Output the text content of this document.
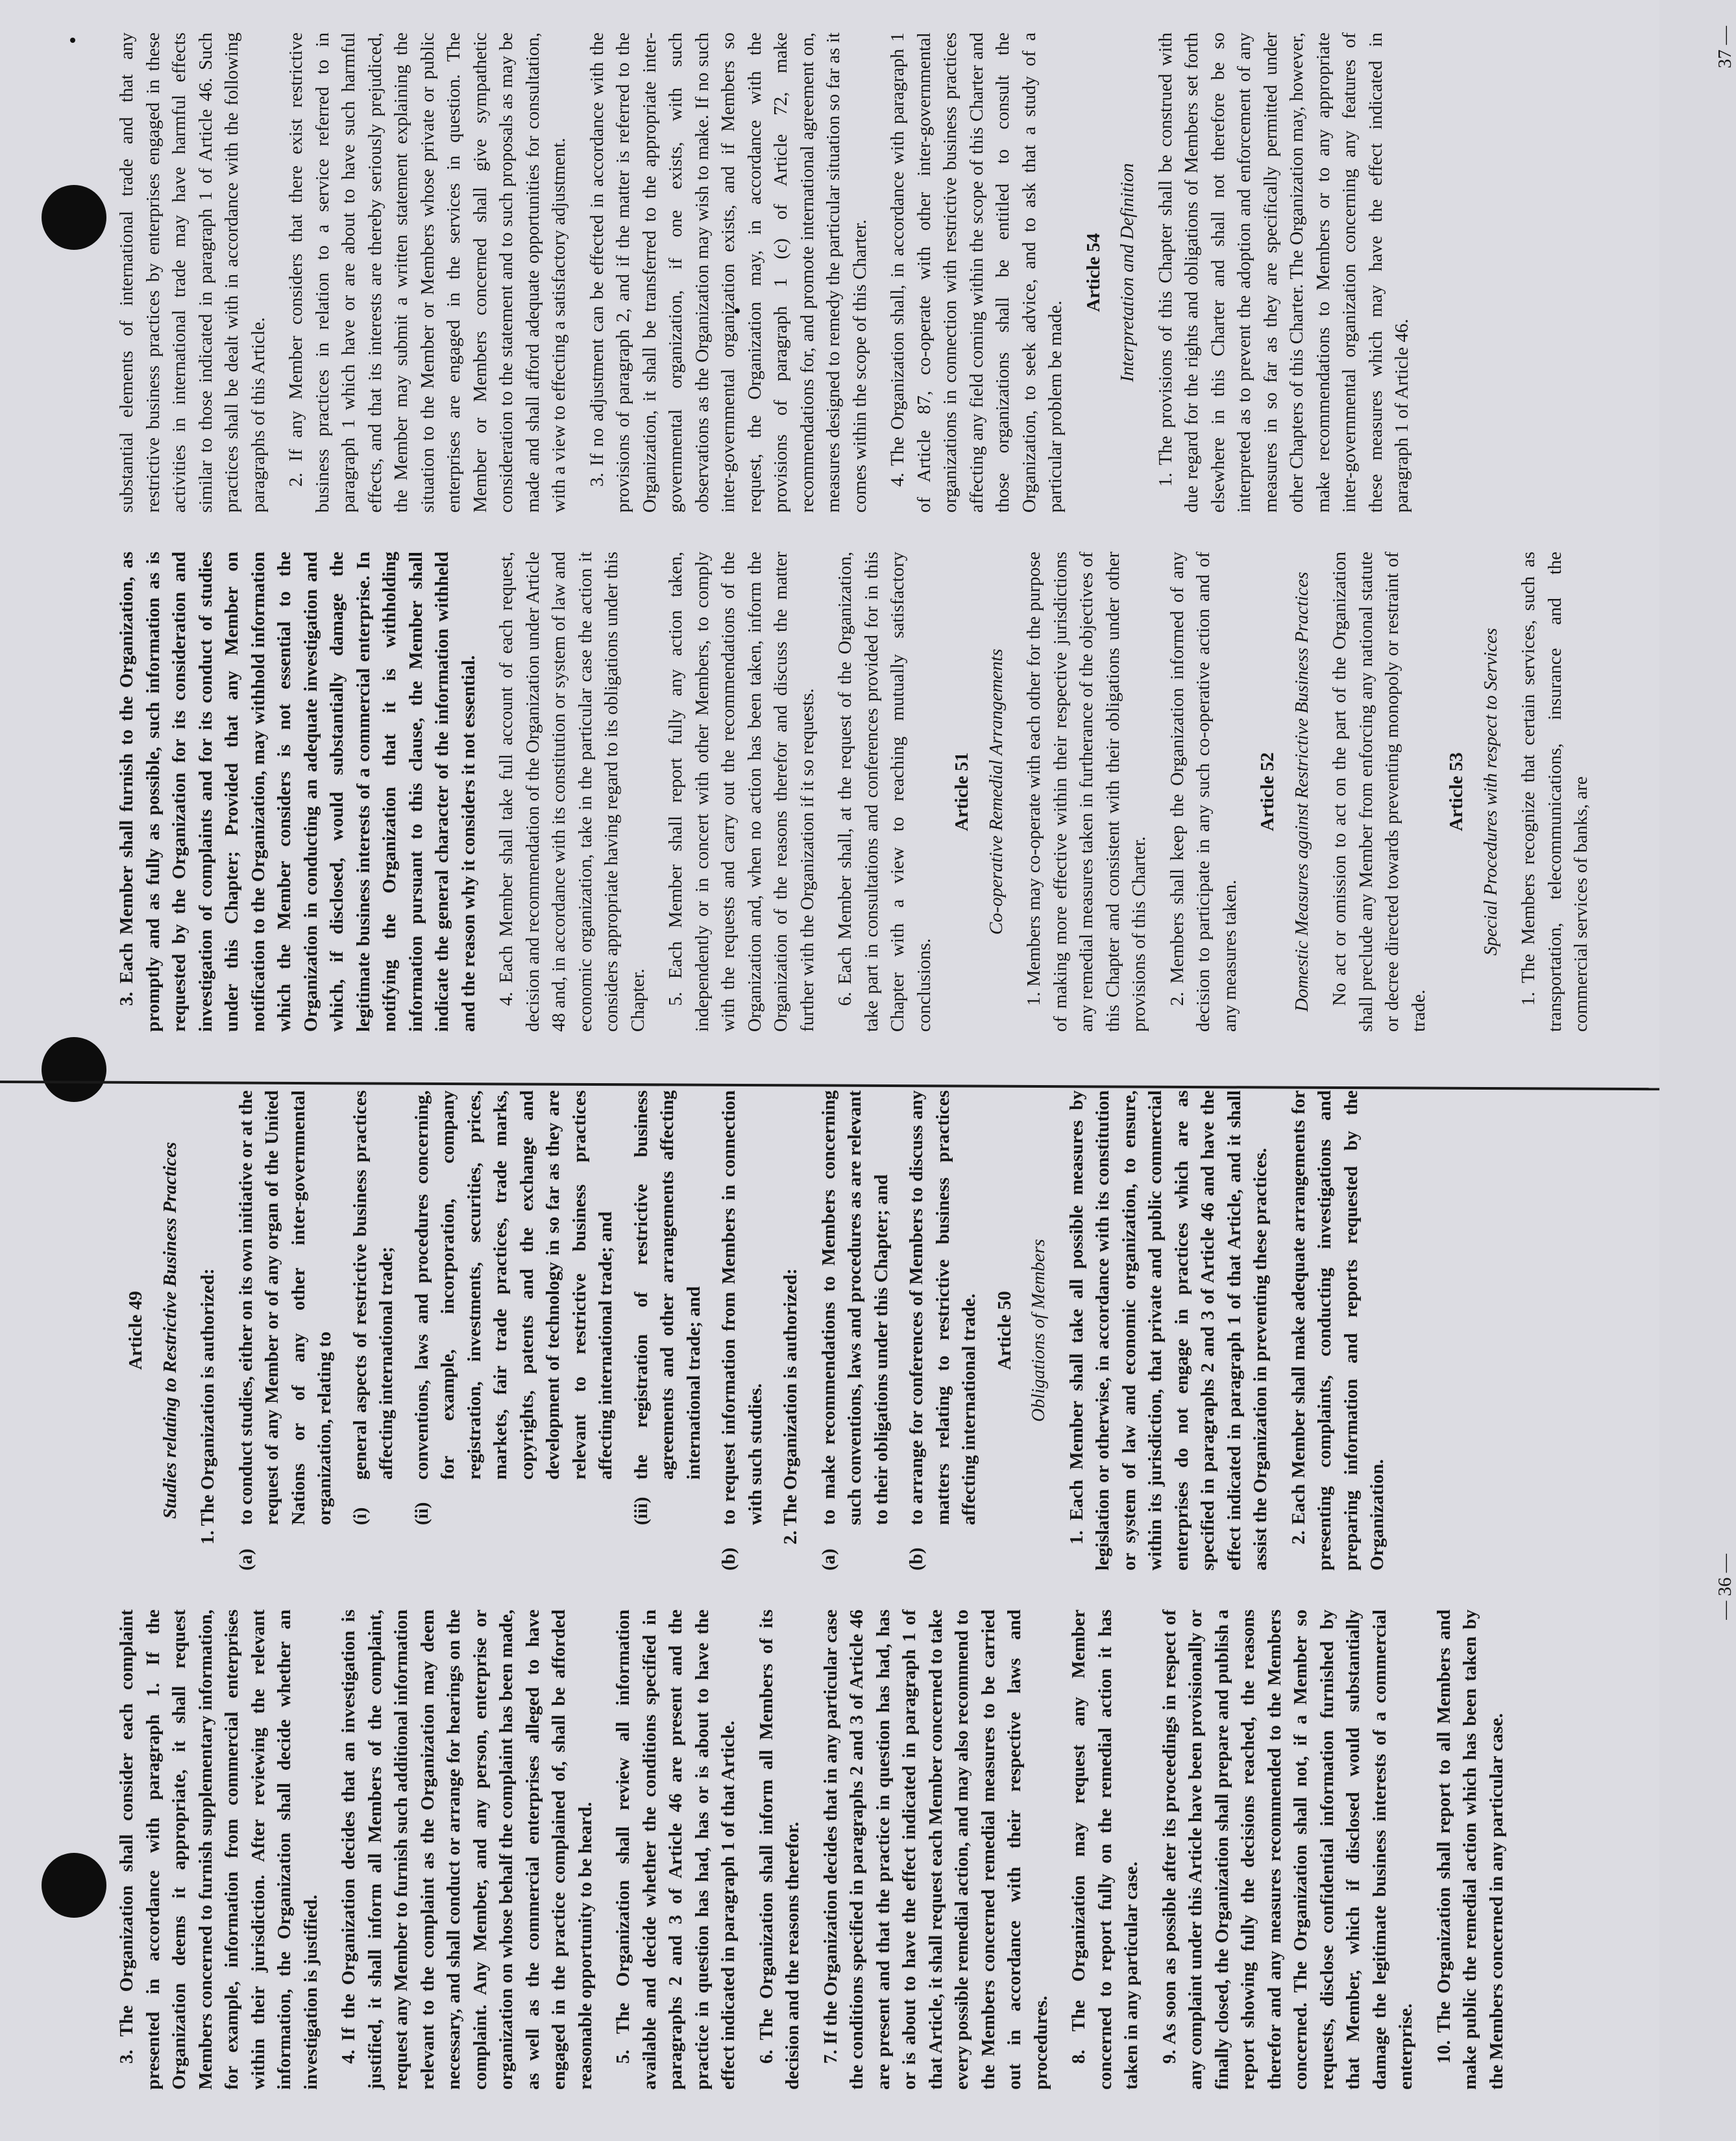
3. The Organization shall consider each complaint presented in accordance with paragraph 1. If the Organization deems it appropriate, it shall request Members concerned to furnish supplementary information, for example, information from commercial enterprises within their jurisdiction. After reviewing the relevant information, the Organization shall decide whether an investigation is justified. 4. If the Organization decides that an investigation is justified, it shall inform all Members of the complaint, request any Member to furnish such additional information relevant to the complaint as the Organization may deem necessary, and shall conduct or arrange for hearings on the complaint. Any Member, and any person, enterprise or organization on whose behalf the complaint has been made, as well as the commercial enterprises alleged to have engaged in the practice complained of, shall be afforded reasonable opportunity to be heard. 5. The Organization shall review all information available and decide whether the conditions specified in paragraphs 2 and 3 of Article 46 are present and the practice in question has had, has or is about to have the effect indicated in paragraph 1 of that Article. 6. The Organization shall inform all Members of its decision and the reasons therefor. 7. If the Organization decides that in any particular case the conditions specified in paragraphs 2 and 3 of Article 46 are present and that the practice in question has had, has or is about to have the effect indicated in paragraph 1 of that Article, it shall request each Member concerned to take every possible remedial action, and may also recommend to the Members concerned remedial measures to be carried out in accordance with their respective laws and procedures. 8. The Organization may request any Member concerned to report fully on the remedial action it has taken in any particular case. 9. As soon as possible after its proceedings in respect of any complaint under this Article have been provisionally or finally closed, the Organization shall prepare and publish a report showing fully the decisions reached, the reasons therefor and any measures recommended to the Members concerned. The Organization shall not, if a Member so requests, disclose confidential information furnished by that Member, which if disclosed would substantially damage the legitimate business interests of a commercial enterprise. 10. The Organization shall report to all Members and make public the remedial action which has been taken by the Members concerned in any particular case.

Article 49 Studies relating to Restrictive Business Practices 1. The Organization is authorized:

(a)
to conduct studies, either on its own initiative or at the request of any Member or of any organ of the United Nations or of any other inter-governmental organization, relating to (i)
general aspects of restrictive business practices affecting international trade;
(ii)
conventions, laws and procedures concerning, for example, incorporation, company registration, investments, securities, prices, markets, fair trade practices, trade marks, copyrights, patents and the exchange and development of technology in so far as they are relevant to restrictive business practices affecting international trade; and
(iii)
the registration of restrictive business agreements and other arrangements affecting international trade; and
(b)
to request information from Members in connection with such studies. 2. The Organization is authorized:

(a)
to make recommendations to Members concerning such conventions, laws and procedures as are relevant to their obligations under this Chapter; and
(b)
to arrange for conferences of Members to discuss any matters relating to restrictive business practices affecting international trade. Article 50 Obligations of Members 1. Each Member shall take all possible measures by legislation or otherwise, in accordance with its constitution or system of law and economic organization, to ensure, within its jurisdiction, that private and public commercial enterprises do not engage in practices which are as specified in paragraphs 2 and 3 of Article 46 and have the effect indicated in paragraph 1 of that Article, and it shall assist the Organization in preventing these practices. 2. Each Member shall make adequate arrangements for presenting complaints, conducting investigations and preparing information and reports requested by the Organization.

— 36 —

3. Each Member shall furnish to the Organization, as promptly and as fully as possible, such information as is requested by the Organization for its consideration and investigation of complaints and for its conduct of studies under this Chapter; Provided that any Member on notification to the Organization, may withhold information which the Member considers is not essential to the Organization in conducting an adequate investigation and which, if disclosed, would substantially damage the legitimate business interests of a commercial enterprise. In notifying the Organization that it is withholding information pursuant to this clause, the Member shall indicate the general character of the information withheld and the reason why it considers it not essential. 4. Each Member shall take full account of each request, decision and recommendation of the Organization under Article 48 and, in accordance with its constitution or system of law and economic organization, take in the particular case the action it considers appropriate having regard to its obligations under this Chapter. 5. Each Member shall report fully any action taken, independently or in concert with other Members, to comply with the requests and carry out the recommendations of the Organization and, when no action has been taken, inform the Organization of the reasons therefor and discuss the matter further with the Organization if it so requests. 6. Each Member shall, at the request of the Organization, take part in consultations and conferences provided for in this Chapter with a view to reaching mutually satisfactory conclusions.

Article 51 Co-operative Remedial Arrangements 1. Members may co-operate with each other for the purpose of making more effective within their respective jurisdictions any remedial measures taken in furtherance of the objectives of this Chapter and consistent with their obligations under other provisions of this Charter. 2. Members shall keep the Organization informed of any decision to participate in any such co-operative action and of any measures taken.

Article 52 Domestic Measures against Restrictive Business Practices No act or omission to act on the part of the Organization shall preclude any Member from enforcing any national statute or decree directed towards preventing monopoly or restraint of trade.

Article 53 Special Procedures with respect to Services 1. The Members recognize that certain services, such as transportation, telecommunications, insurance and the commercial services of banks, are

substantial elements of international trade and that any restrictive business practices by enterprises engaged in these activities in international trade may have harmful effects similar to those indicated in paragraph 1 of Article 46. Such practices shall be dealt with in accordance with the following paragraphs of this Article. 2. If any Member considers that there exist restrictive business practices in relation to a service referred to in paragraph 1 which have or are about to have such harmful effects, and that its interests are thereby seriously prejudiced, the Member may submit a written statement explaining the situation to the Member or Members whose private or public enterprises are engaged in the services in question. The Member or Members concerned shall give sympathetic consideration to the statement and to such proposals as may be made and shall afford adequate opportunities for consultation, with a view to effecting a satisfactory adjustment. 3. If no adjustment can be effected in accordance with the provisions of paragraph 2, and if the matter is referred to the Organization, it shall be transferred to the appropriate inter-governmental organization, if one exists, with such observations as the Organization may wish to make. If no such inter-governmental organization exists, and if Members so request, the Organization may, in accordance with the provisions of paragraph 1 (c) of Article 72, make recommendations for, and promote international agreement on, measures designed to remedy the particular situation so far as it comes within the scope of this Charter. 4. The Organization shall, in accordance with paragraph 1 of Article 87, co-operate with other inter-governmental organizations in connection with restrictive business practices affecting any field coming within the scope of this Charter and those organizations shall be entitled to consult the Organization, to seek advice, and to ask that a study of a particular problem be made.

Article 54 Interpretation and Definition 1. The provisions of this Chapter shall be construed with due regard for the rights and obligations of Members set forth elsewhere in this Charter and shall not therefore be so interpreted as to prevent the adoption and enforcement of any measures in so far as they are specifically permitted under other Chapters of this Charter. The Organization may, however, make recommendations to Members or to any appropriate inter-governmental organization concerning any features of these measures which may have the effect indicated in paragraph 1 of Article 46.

37 —
